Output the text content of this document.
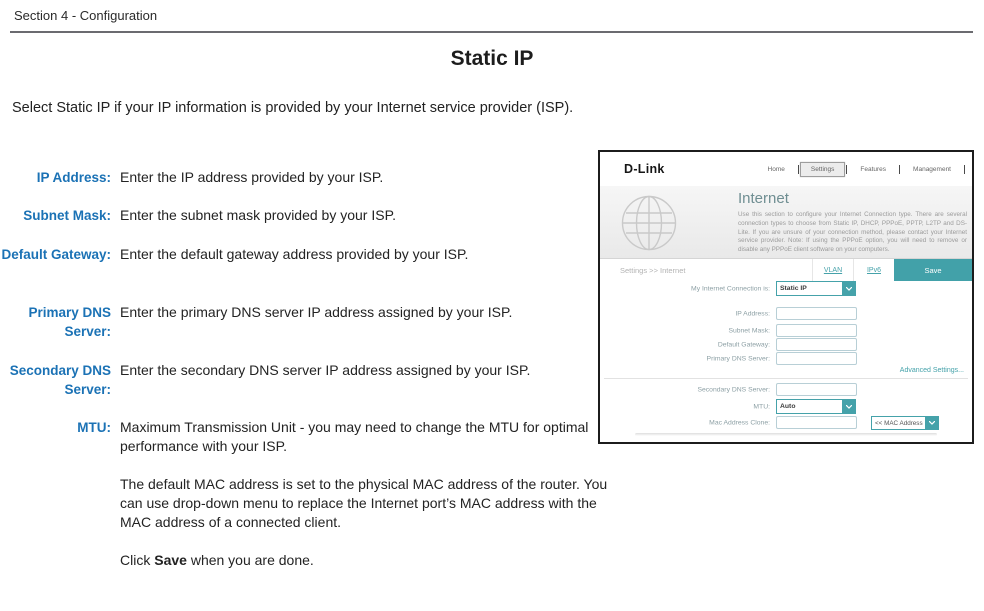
Section 4 - Configuration
Static IP
Select Static IP if your IP information is provided by your Internet service provider (ISP).
IP Address: Enter the IP address provided by your ISP.
Subnet Mask: Enter the subnet mask provided by your ISP.
Default Gateway: Enter the default gateway address provided by your ISP.
Primary DNS Server:
Enter the primary DNS server IP address assigned by your ISP.
Secondary DNS Server:
Enter the secondary DNS server IP address assigned by your ISP.
MTU: Maximum Transmission Unit - you may need to change the MTU for optimal performance with your ISP.

The default MAC address is set to the physical MAC address of the router. You can use drop-down menu to replace the Internet port’s MAC address with the MAC address of a connected client.

Click Save when you are done.

D-Link	Home	Settings	Features	Management
Internet
Use this section to configure your Internet Connection type. There are several connection types to choose from Static IP, DHCP, PPPoE, PPTP, L2TP and DS-Lite. If you are unsure of your connection method, please contact your Internet service provider. Note: If using the PPPoE option, you will need to remove or disable any PPPoE client software on your computers.
Settings >> Internet	VLAN	IPv6	Save
My Internet Connection is:	Static IP
IP Address:
Subnet Mask:
Default Gateway:
Primary DNS Server:
Advanced Settings...
Secondary DNS Server:
MTU:	Auto
Mac Address Clone:	<< MAC Address
